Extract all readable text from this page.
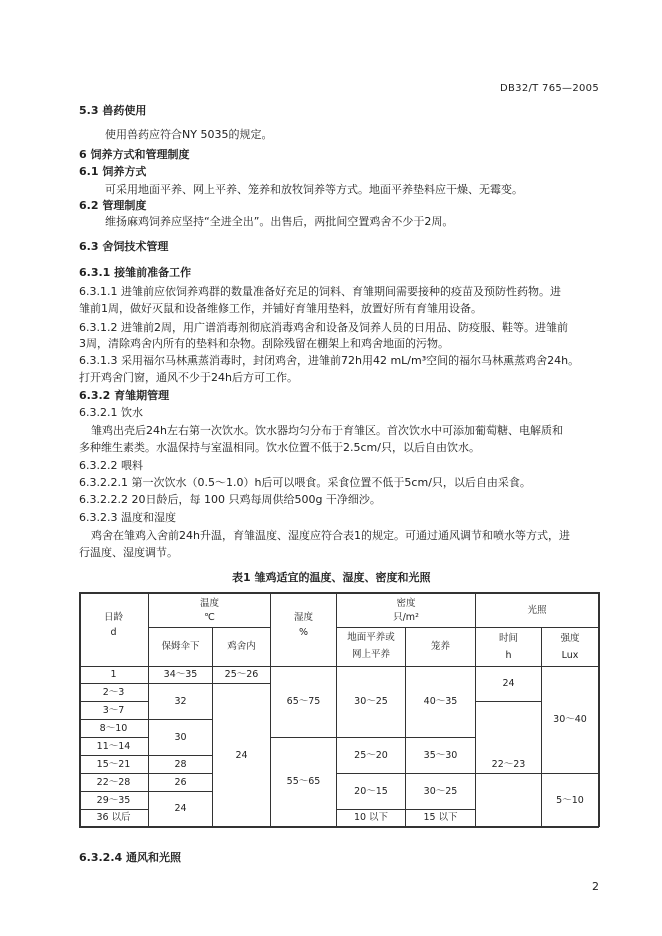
DB32/T 765—2005
5.3 兽药使用
使用兽药应符合NY 5035的规定。
6 饲养方式和管理制度
6.1 饲养方式
可采用地面平养、网上平养、笼养和放牧饲养等方式。地面平养垫料应干燥、无霉变。
6.2 管理制度
维扬麻鸡饲养应坚持“全进全出”。出售后，两批间空置鸡舍不少于2周。
6.3 舍饲技术管理
6.3.1 接雏前准备工作
6.3.1.1 进雏前应依饲养鸡群的数量准备好充足的饲料、育雏期间需要接种的疫苗及预防性药物。进
雏前1周，做好灭鼠和设备维修工作，并铺好育雏用垫料，放置好所有育雏用设备。
6.3.1.2 进雏前2周，用广谱消毒剂彻底消毒鸡舍和设备及饲养人员的日用品、防疫服、鞋等。进雏前
3周，清除鸡舍内所有的垫料和杂物。刮除残留在棚架上和鸡舍地面的污物。
6.3.1.3 采用福尔马林熏蒸消毒时，封闭鸡舍，进雏前72h用42 mL/m³空间的福尔马林熏蒸鸡舍24h。
打开鸡舍门窗，通风不少于24h后方可工作。
6.3.2 育雏期管理
6.3.2.1 饮水
雏鸡出壳后24h左右第一次饮水。饮水器均匀分布于育雏区。首次饮水中可添加葡萄糖、电解质和
多种维生素类。水温保持与室温相同。饮水位置不低于2.5cm/只，以后自由饮水。
6.3.2.2 喂料
6.3.2.2.1 第一次饮水（0.5～1.0）h后可以喂食。采食位置不低于5cm/只，以后自由采食。
6.3.2.2.2 20日龄后，每 100 只鸡每周供给500g 干净细沙。
6.3.2.3 温度和湿度
鸡舍在雏鸡入舍前24h升温，育雏温度、湿度应符合表1的规定。可通过通风调节和喷水等方式，进
行温度、湿度调节。
表1 雏鸡适宜的温度、湿度、密度和光照
日龄
d
温度
℃
保姆伞下	鸡舍内
湿度
%
密度
只/m²
地面平养或
网上平养
笼养
光照
时间
h
强度
Lux
1
2～3
3～7
8～10
11～14
15～21
22～28
29～35
36 以后
34～35
32
30
28
26
24
25～26
24
65～75
55～65
30～25
25～20
20～15
10 以下
40～35
35～30
30～25
15 以下
24
22～23
30～40
5～10
6.3.2.4 通风和光照
2
